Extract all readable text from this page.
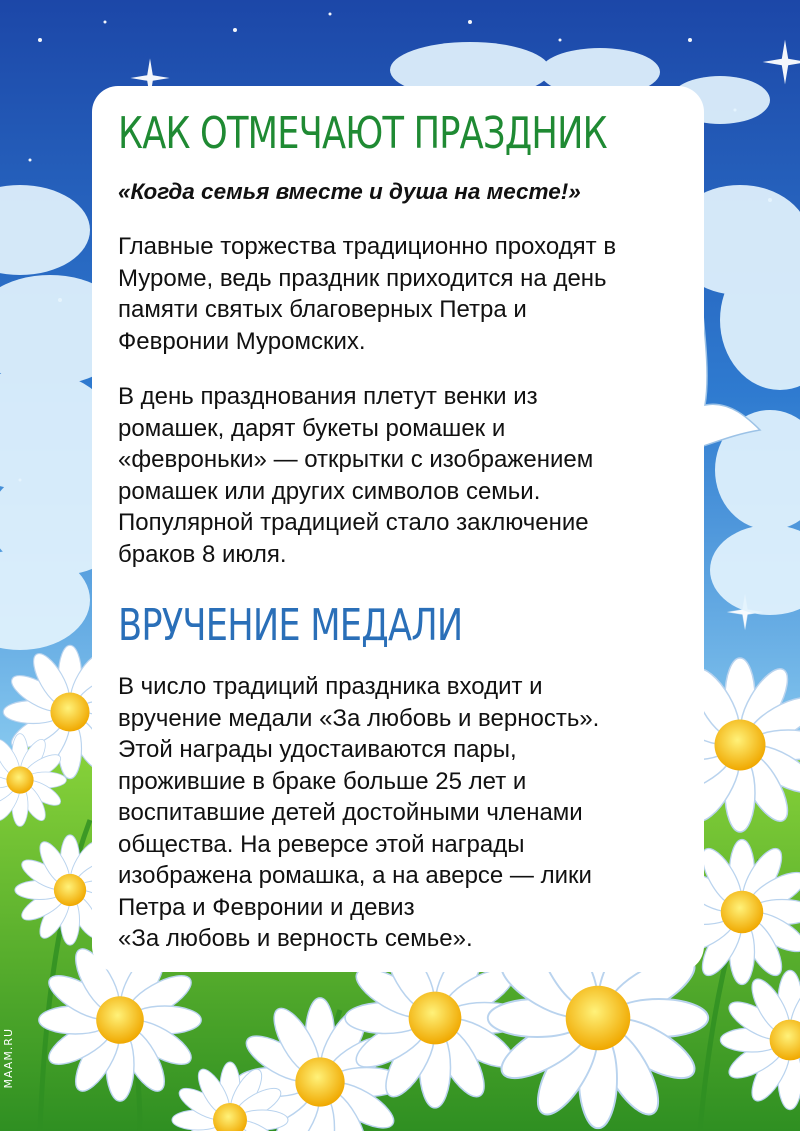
КАК ОТМЕЧАЮТ ПРАЗДНИК

«Когда семья вместе и душа на месте!»

Главные торжества традиционно проходят в
Муроме, ведь праздник приходится на день
памяти святых благоверных Петра и
Февронии Муромских.
В день празднования плетут венки из
ромашек, дарят букеты ромашек и
«февроньки» — открытки с изображением
ромашек или других символов семьи.
Популярной традицией стало заключение
браков 8 июля.
ВРУЧЕНИЕ МЕДАЛИ
В число традиций праздника входит и
вручение медали «За любовь и верность».
Этой награды удостаиваются пары,
прожившие в браке больше 25 лет и
воспитавшие детей достойными членами
общества. На реверсе этой награды
изображена ромашка, а на аверсе — лики
Петра и Февронии и девиз
«За любовь и верность семье».
MAAM.RU
